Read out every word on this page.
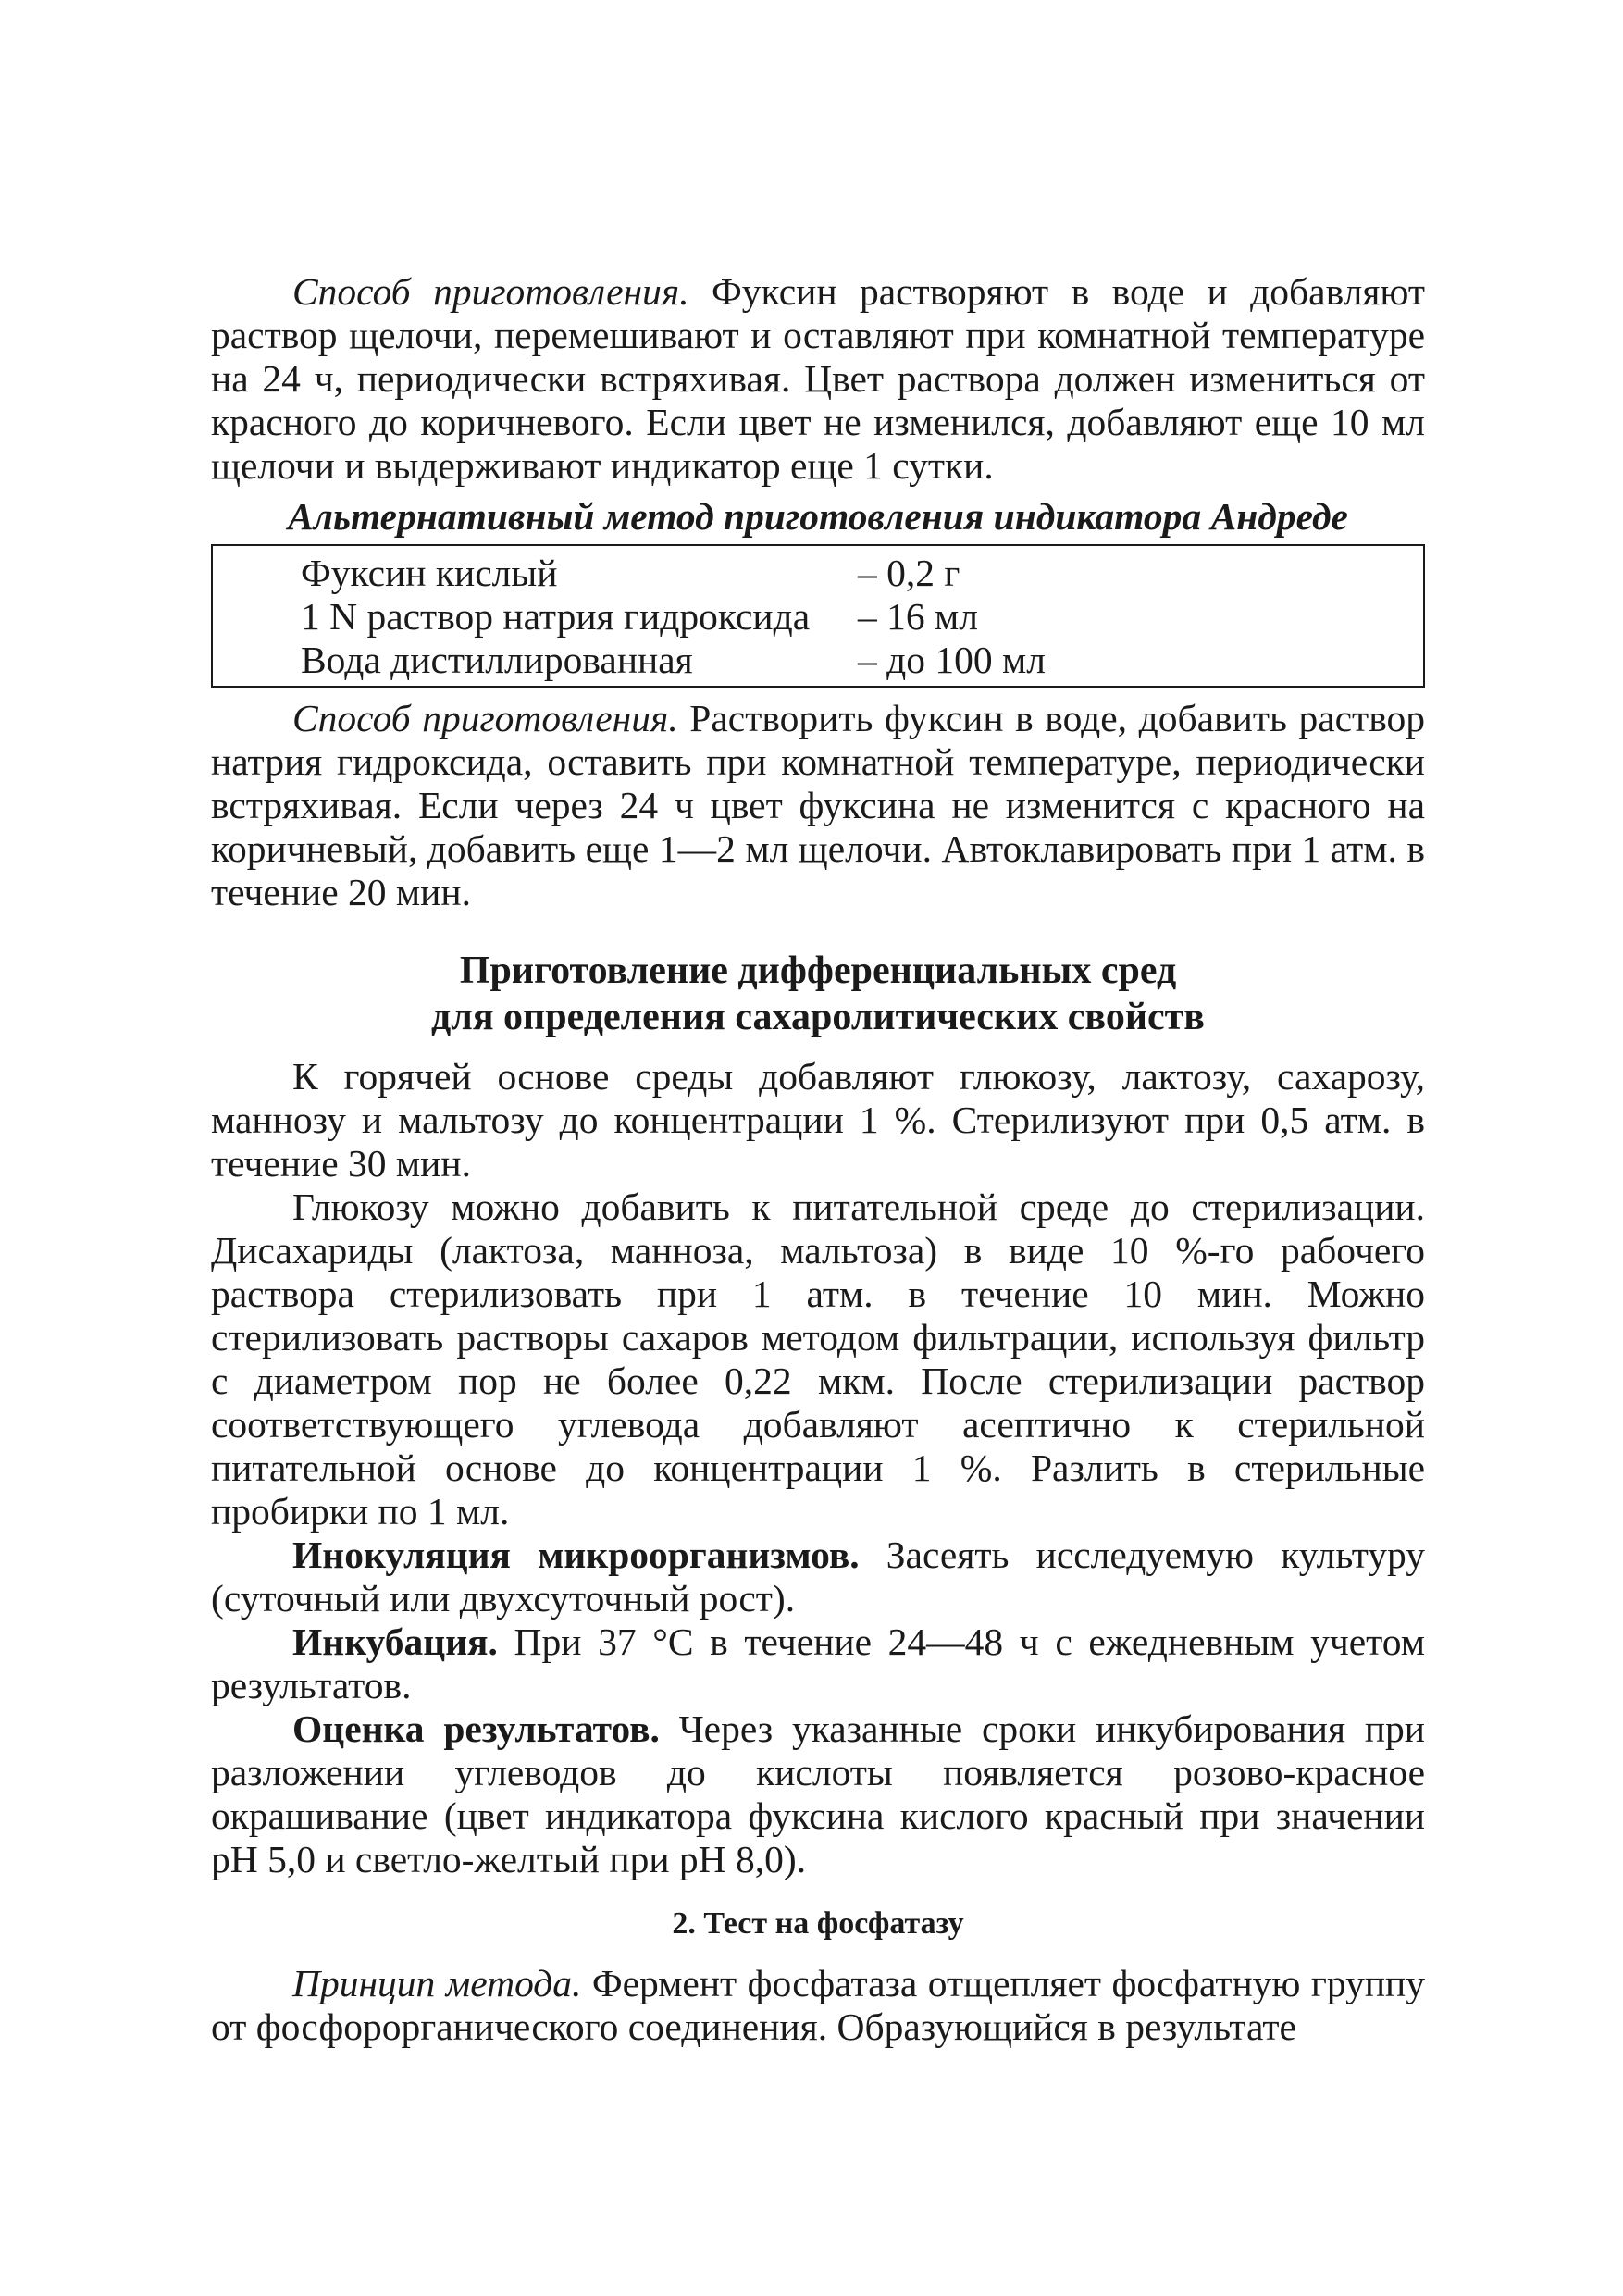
Способ приготовления. Фуксин растворяют в воде и добавляют раствор щелочи, перемешивают и оставляют при комнатной температуре на 24 ч, периодически встряхивая. Цвет раствора должен измениться от красного до коричневого. Если цвет не изменился, добавляют еще 10 мл щелочи и выдерживают индикатор еще 1 сутки.

Альтернативный метод приготовления индикатора Андреде
Фуксин кислый	– 0,2 г
1 N раствор натрия гидроксида	– 16 мл
Вода дистиллированная	– до 100 мл

Способ приготовления. Растворить фуксин в воде, добавить раствор натрия гидроксида, оставить при комнатной температуре, периодически встряхивая. Если через 24 ч цвет фуксина не изменится с красного на коричневый, добавить еще 1—2 мл щелочи. Автоклавировать при 1 атм. в течение 20 мин.

Приготовление дифференциальных сред
для определения сахаролитических свойств

К горячей основе среды добавляют глюкозу, лактозу, сахарозу, маннозу и мальтозу до концентрации 1 %. Стерилизуют при 0,5 атм. в течение 30 мин.

Глюкозу можно добавить к питательной среде до стерилизации. Дисахариды (лактоза, манноза, мальтоза) в виде 10 %-го рабочего раствора стерилизовать при 1 атм. в течение 10 мин. Можно стерилизовать растворы сахаров методом фильтрации, используя фильтр с диаметром пор не более 0,22 мкм. После стерилизации раствор соответствующего углевода добавляют асептично к стерильной питательной основе до концентрации 1 %. Разлить в стерильные пробирки по 1 мл.

Инокуляция микроорганизмов. Засеять исследуемую культуру (суточный или двухсуточный рост).

Инкубация. При 37 °С в течение 24—48 ч с ежедневным учетом результатов.

Оценка результатов. Через указанные сроки инкубирования при разложении углеводов до кислоты появляется розово-красное окрашивание (цвет индикатора фуксина кислого красный при значении pH 5,0 и светло-желтый при pH 8,0).

2. Тест на фосфатазу

Принцип метода. Фермент фосфатаза отщепляет фосфатную группу от фосфорорганического соединения. Образующийся в результате
